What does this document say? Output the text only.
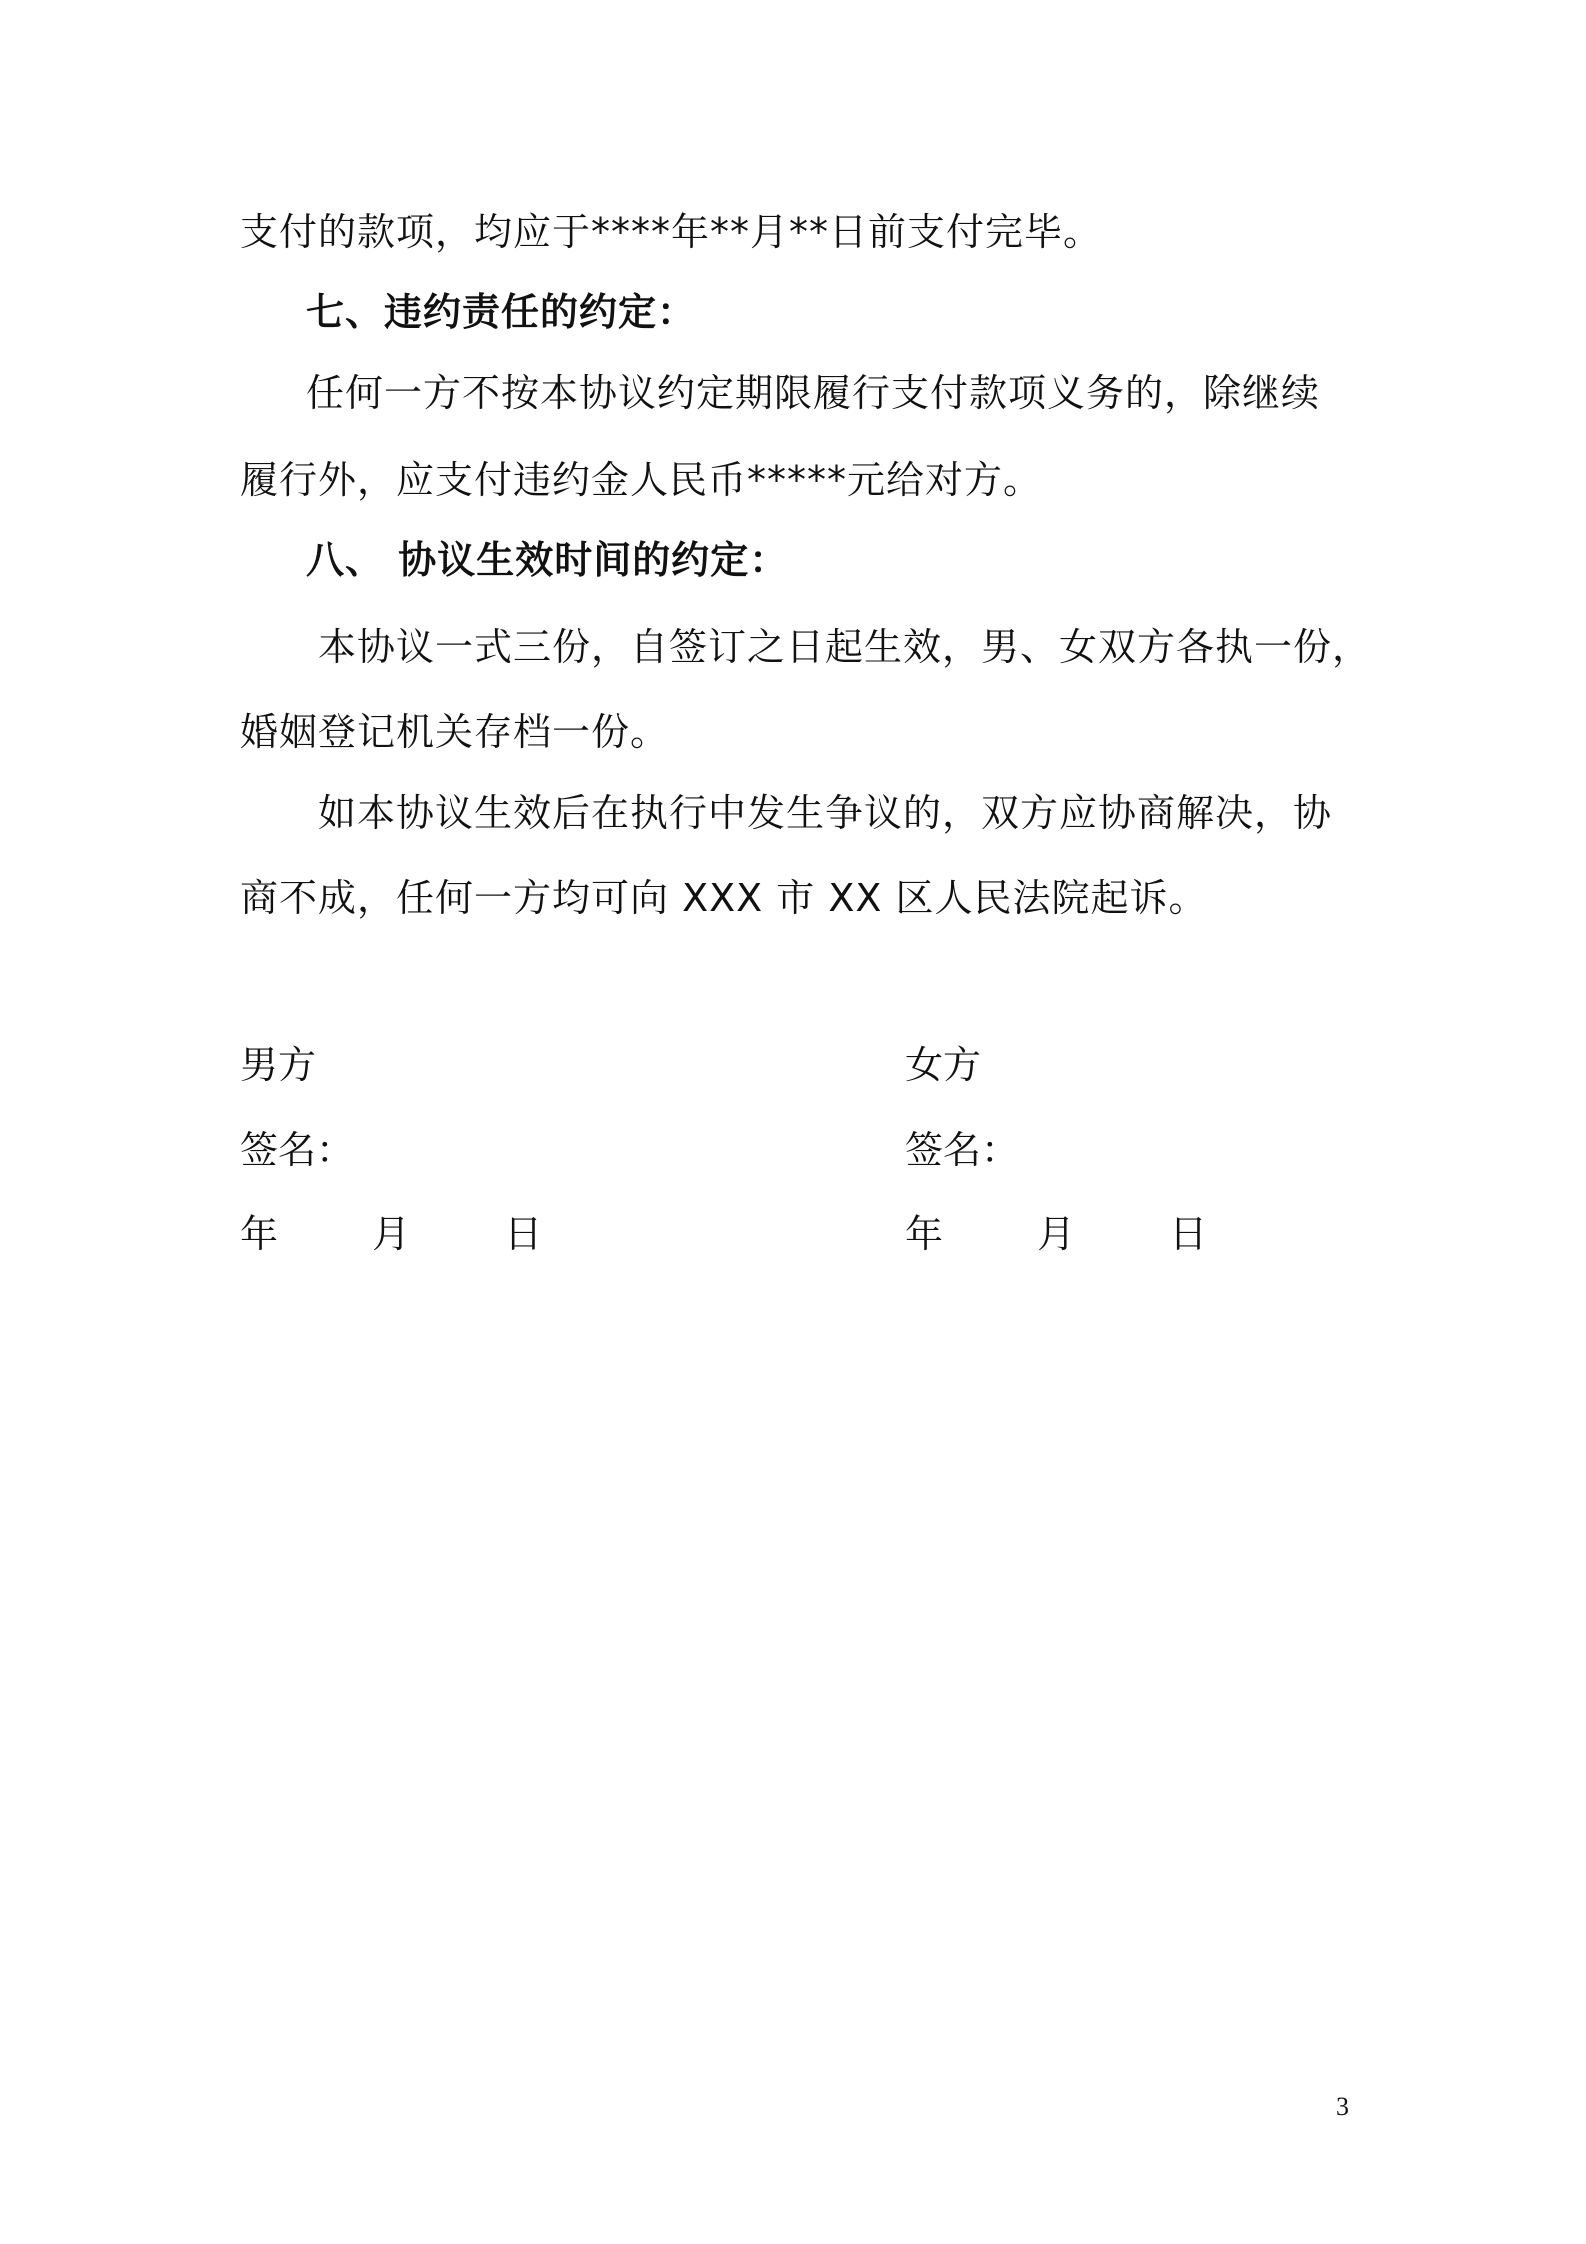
支付的款项，均应于****年**月**日前支付完毕。
七、违约责任的约定：
任何一方不按本协议约定期限履行支付款项义务的，除继续
履行外，应支付违约金人民币*****元给对方。
八、 协议生效时间的约定：
本协议一式三份，自签订之日起生效，男、女双方各执一份，
婚姻登记机关存档一份。
如本协议生效后在执行中发生争议的，双方应协商解决，协
商不成，任何一方均可向 XXX 市 XX 区人民法院起诉。
男方
签名：
年 月 日
女方
签名：
年 月 日
3
